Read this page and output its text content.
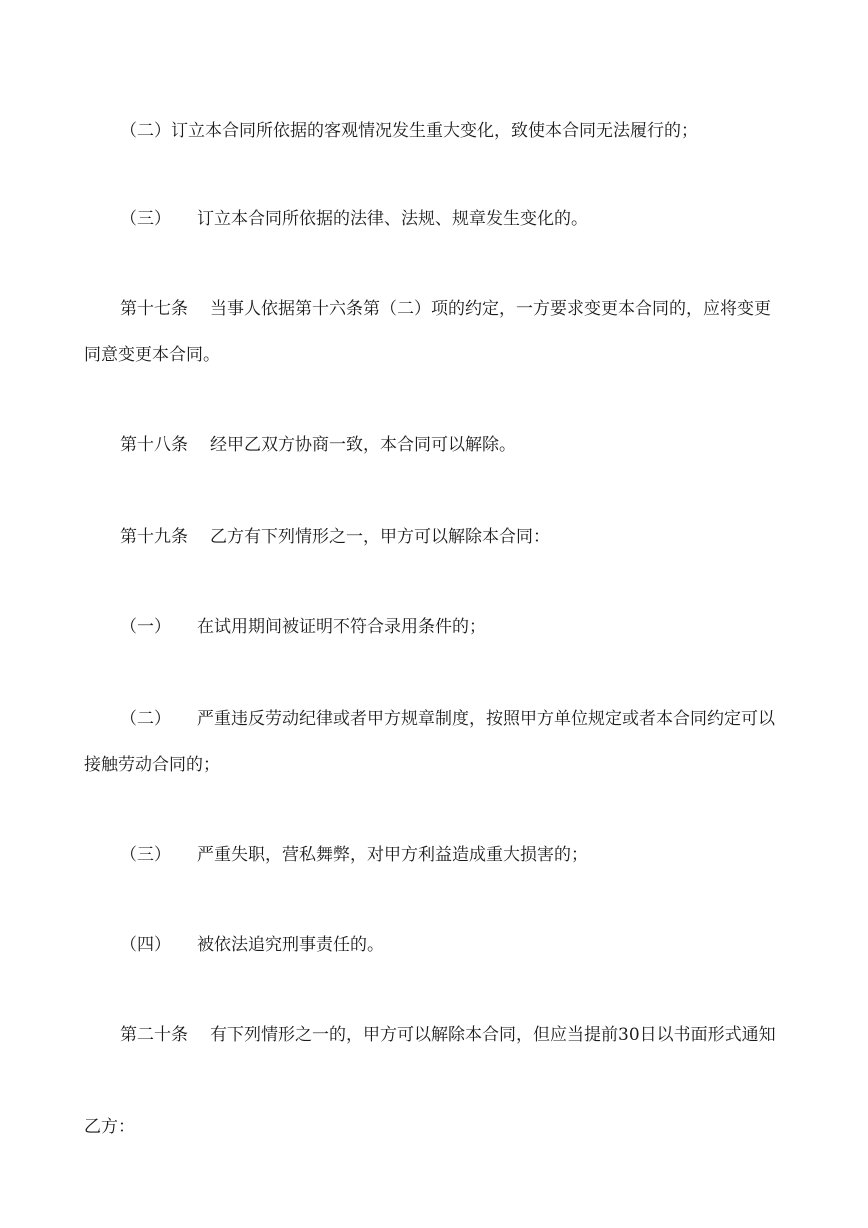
（二）订立本合同所依据的客观情况发生重大变化，致使本合同无法履行的；
（三） 订立本合同所依据的法律、法规、规章发生变化的。
第十七条 当事人依据第十六条第（二）项的约定，一方要求变更本合同的，应将变更
同意变更本合同。
第十八条 经甲乙双方协商一致，本合同可以解除。
第十九条 乙方有下列情形之一，甲方可以解除本合同：
（一） 在试用期间被证明不符合录用条件的；
（二） 严重违反劳动纪律或者甲方规章制度，按照甲方单位规定或者本合同约定可以
接触劳动合同的；
（三） 严重失职，营私舞弊，对甲方利益造成重大损害的；
（四） 被依法追究刑事责任的。
第二十条 有下列情形之一的，甲方可以解除本合同，但应当提前30日以书面形式通知
乙方：
